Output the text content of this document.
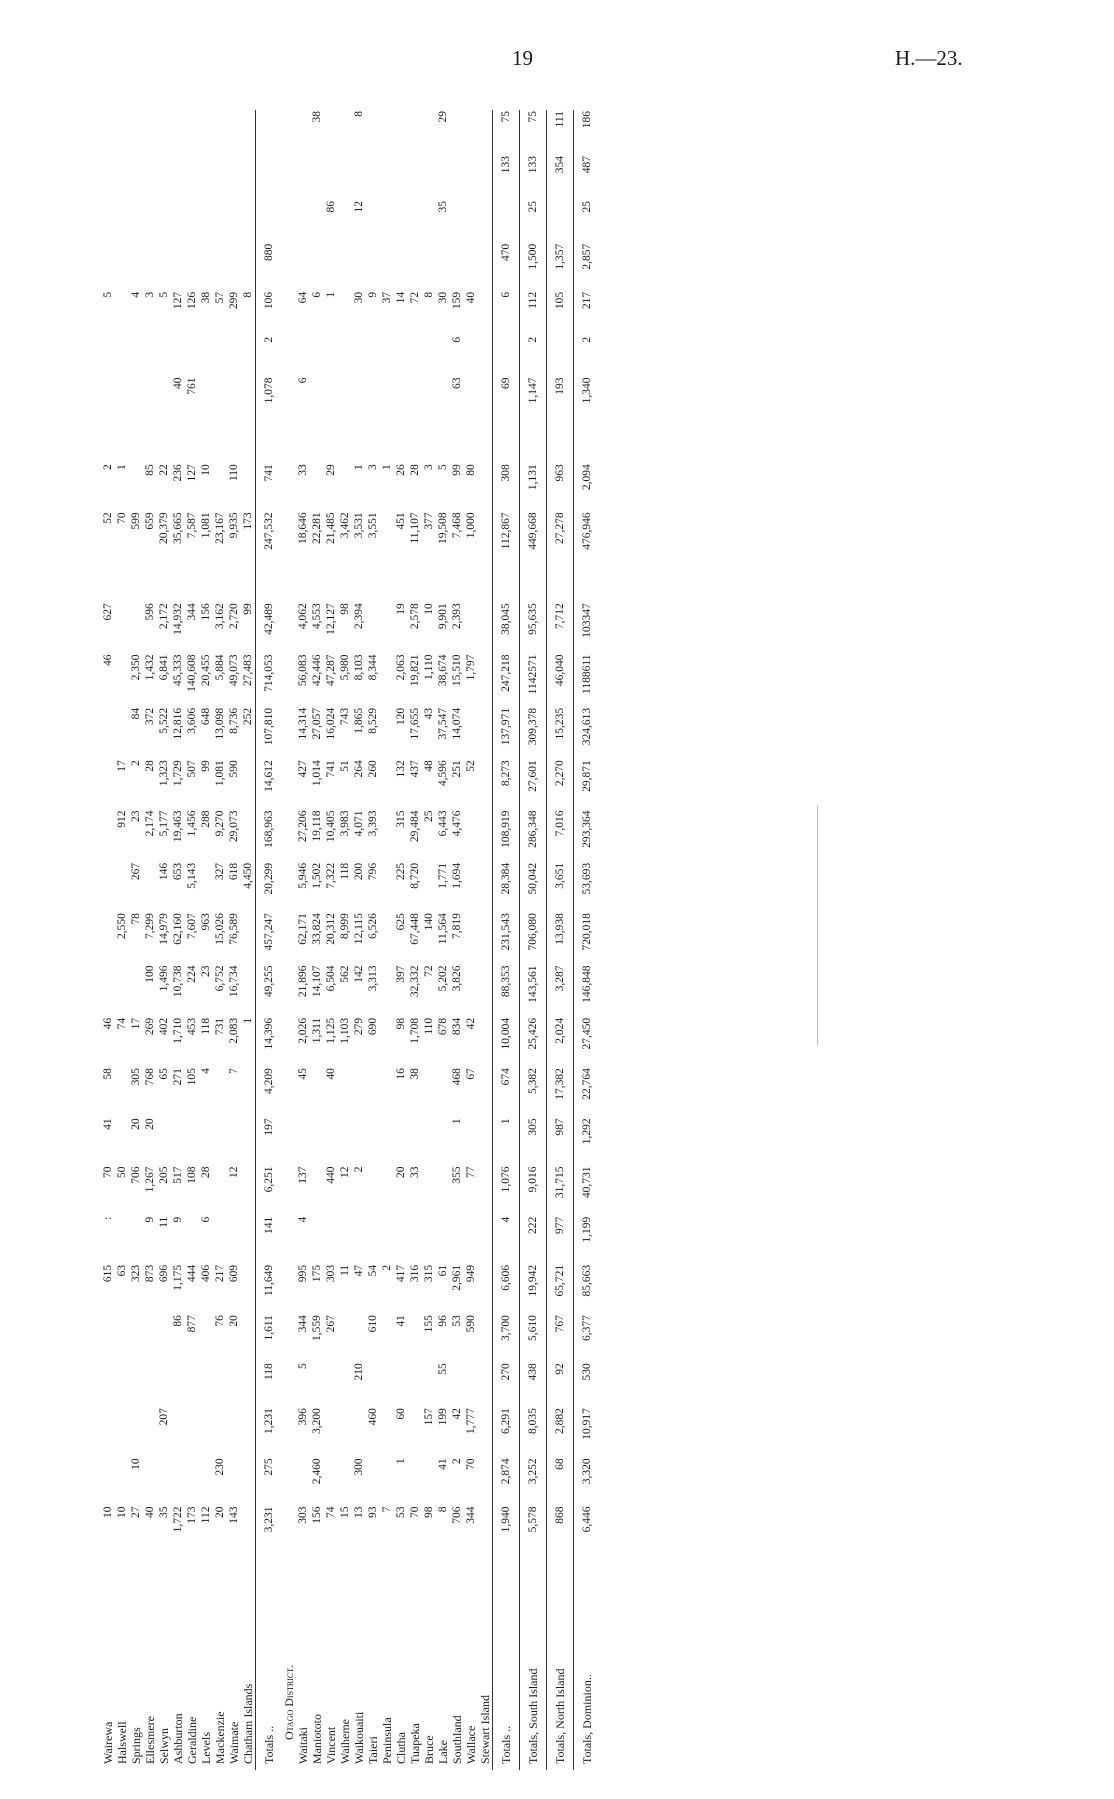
19	H.—23.
Wairewa	10					615	:	70	41	58	46							46	627		52	2				5				
Halswell	10					63		50			74		2,550		912	17					70	1								
Springs	27	10				323		706	20	305	17		78	267	23	2	84	2,350			599					4				
Ellesmere	40					873	9	1,267	20	768	269	100	7,299		2,174	28	372	1,432	596		659	85				3				
Selwyn	35		207			696	11	205		65	402	1,496	14,979	146	5,177	1,323	5,522	6,841	2,172		20,379	22				5				
Ashburton	1,722				86	1,175	9	517		271	1,710	10,738	62,160	653	19,463	1,729	12,816	45,333	14,932		35,665	236		40		127				
Geraldine	173				877	444		108		105	453	224	7,607	5,143	1,456	507	3,606	140,608	344		7,587	127		761		126				
Levels	112					406	6	28		4	118	23	963		288	99	648	20,455	156		1,081	10				38				
Mackenzie	20	230			76	217					731	6,752	15,026	327	9,270	1,081	13,098	5,884	3,162		23,167					57				
Waimate	143				20	609		12		7	2,083	16,734	76,589	618	29,073	590	8,736	49,073	2,720		9,935	110				299				
Chatham Islands											1			4,450			252	27,483	99		173					8				
Totals ..	3,231	275	1,231	118	1,611	11,649	141	6,251	197	4,209	14,396	49,255	457,247	20,299	168,963	14,612	107,810	714,053	42,489		247,532	741		1,078	2	106	880			
Otago District.																														
Waitaki	303		396	5	344	995	4	137		45	2,026	21,896	62,171	5,946	27,206	427	14,314	56,083	4,062		18,646	33		6		64				
Maniototo	156	2,460	3,200		1,559	175					1,311	14,107	33,824	1,502	19,118	1,014	27,057	42,446	4,553		22,281					6				38
Vincent	74				267	303		440		40	1,125	6,504	20,312	7,322	10,405	741	16,024	47,287	12,127		21,485	29				1		86		
Waiheme	15					11		12			1,103	562	8,999	118	3,983	51	743	5,980	98		3,462									
Waikouaiti	13	300		210		47		2			279	142	12,115	200	4,071	264	1,865	8,103	2,394		3,531	1				30		12		8
Taieri	93		460		610	54					690	3,313	6,526	796	3,393	260	8,529	8,344			3,551	3				9				
Peninsula	7					2																1				37				
Clutha	53	1	60		41	417		20		16	98	397	625	225	315	132	120	2,063	19		451	26				14				
Tuapeka	70					316		33		38	1,708	32,332	67,448	8,720	29,484	437	17,655	19,821	2,578		11,107	28				72				
Bruce	98		157		155	315					110	72	140		25	48	43	1,110	10		377	3				8				
Lake	8	41	199	55	96	61					678	5,202	11,564	1,771	6,443	4,596	37,547	38,674	9,901		19,508	5				30		35		29
Southland	706	2	42		53	2,961		355	1	468	834	3,826	7,819	1,694	4,476	251	14,074	15,510	2,393		7,468	99		63	6	159				
Wallace	344	70	1,777		590	949		77		67	42					52		1,797			1,000	80				40				
Stewart Island																														
Totals ..	1,940	2,874	6,291	270	3,700	6,606	4	1,076	1	674	10,004	88,353	231,543	28,384	108,919	8,273	137,971	247,218	38,045		112,867	308		69		6	470		133	75
Totals, South Island	5,578	3,252	8,035	438	5,610	19,942	222	9,016	305	5,382	25,426	143,561	706,080	50,042	286,348	27,601	309,378	1142571	95,635		449,668	1,131		1,147	2	112	1,500	25	133	75
Totals, North Island	868	68	2,882	92	767	65,721	977	31,715	987	17,382	2,024	3,287	13,938	3,651	7,016	2,270	15,235	46,040	7,712		27,278	963		193		105	1,357		354	111
Totals, Dominion..	6,446	3,320	10,917	530	6,377	85,663	1,199	40,731	1,292	22,764	27,450	146,848	720,018	53,693	293,364	29,871	324,613	1188611	103347		476,946	2,094		1,340	2	217	2,857	25	487	186
